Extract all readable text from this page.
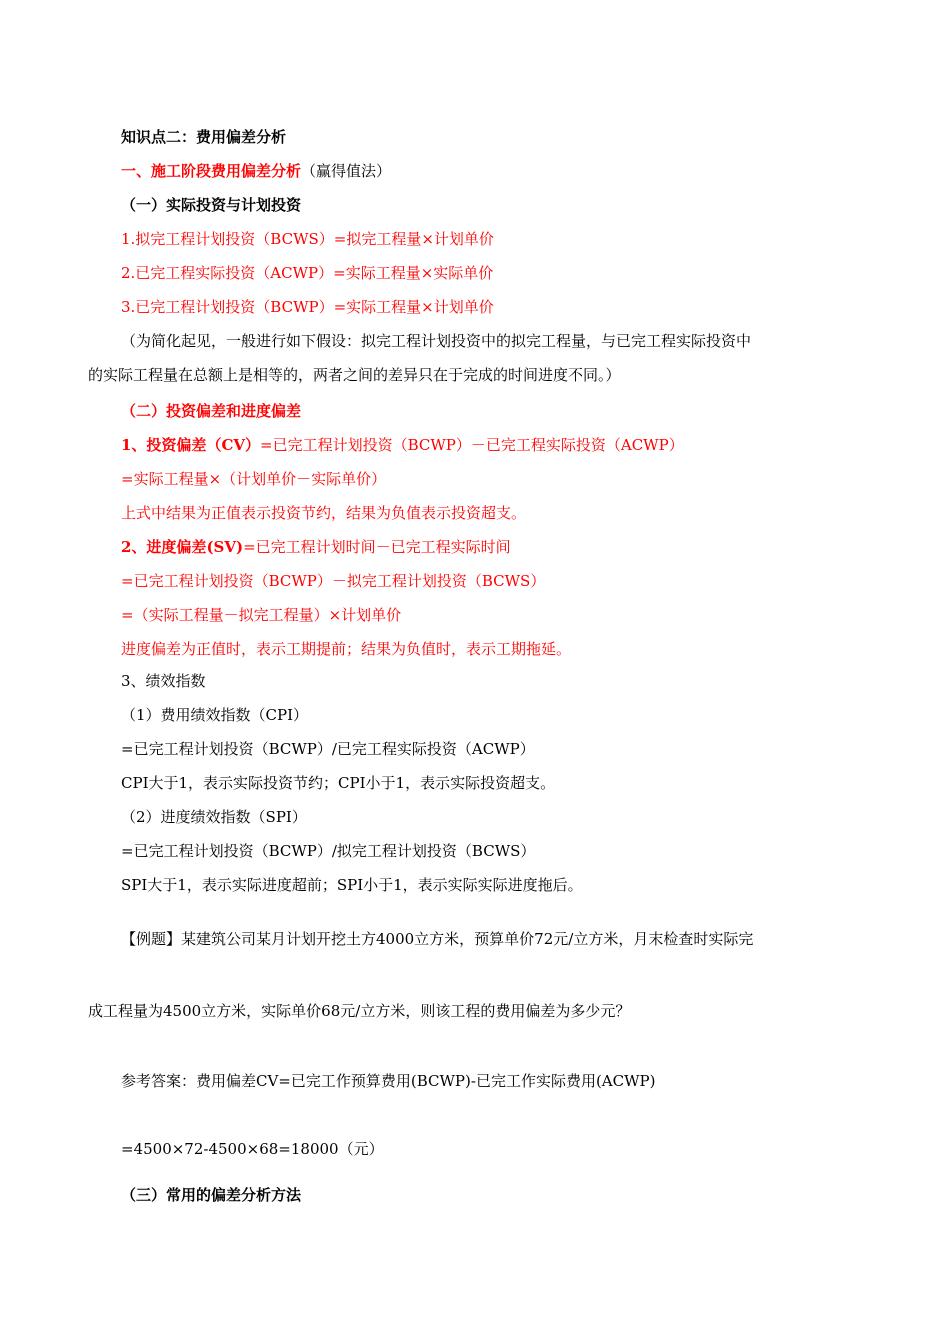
知识点二：费用偏差分析
一、施工阶段费用偏差分析（赢得值法）
（一）实际投资与计划投资
1.拟完工程计划投资（BCWS）=拟完工程量×计划单价
2.已完工程实际投资（ACWP）=实际工程量×实际单价
3.已完工程计划投资（BCWP）=实际工程量×计划单价
（为简化起见，一般进行如下假设：拟完工程计划投资中的拟完工程量，与已完工程实际投资中
的实际工程量在总额上是相等的，两者之间的差异只在于完成的时间进度不同。）
（二）投资偏差和进度偏差
1、投资偏差（CV）=已完工程计划投资（BCWP）－已完工程实际投资（ACWP）
=实际工程量×（计划单价－实际单价）
上式中结果为正值表示投资节约，结果为负值表示投资超支。
2、进度偏差(SV)=已完工程计划时间－已完工程实际时间
=已完工程计划投资（BCWP）－拟完工程计划投资（BCWS）
=（实际工程量－拟完工程量）×计划单价
进度偏差为正值时，表示工期提前；结果为负值时，表示工期拖延。
3、绩效指数
（1）费用绩效指数（CPI）
=已完工程计划投资（BCWP）/已完工程实际投资（ACWP）
CPI大于1，表示实际投资节约；CPI小于1，表示实际投资超支。
（2）进度绩效指数（SPI）
=已完工程计划投资（BCWP）/拟完工程计划投资（BCWS）
SPI大于1，表示实际进度超前；SPI小于1，表示实际实际进度拖后。
【例题】某建筑公司某月计划开挖土方4000立方米，预算单价72元/立方米，月末检查时实际完
成工程量为4500立方米，实际单价68元/立方米，则该工程的费用偏差为多少元？
参考答案：费用偏差CV=已完工作预算费用(BCWP)-已完工作实际费用(ACWP)
=4500×72-4500×68=18000（元）
（三）常用的偏差分析方法
